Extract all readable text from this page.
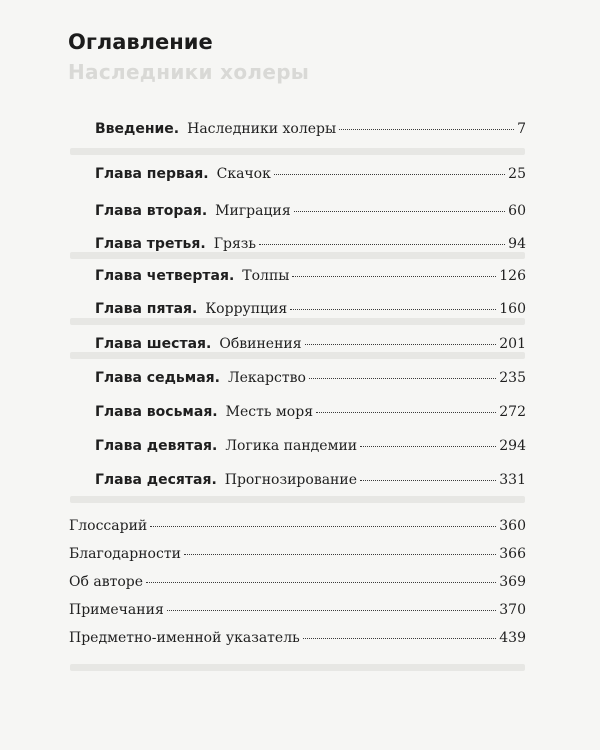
Наследники холеры
Оглавление
Введение. Наследники холеры	7
Глава первая. Скачок	25
Глава вторая. Миграция	60
Глава третья. Грязь	94
Глава четвертая. Толпы	126
Глава пятая. Коррупция	160
Глава шестая. Обвинения	201
Глава седьмая. Лекарство	235
Глава восьмая. Месть моря	272
Глава девятая. Логика пандемии	294
Глава десятая. Прогнозирование	331
Глоссарий	360
Благодарности	366
Об авторе	369
Примечания	370
Предметно-именной указатель	439
